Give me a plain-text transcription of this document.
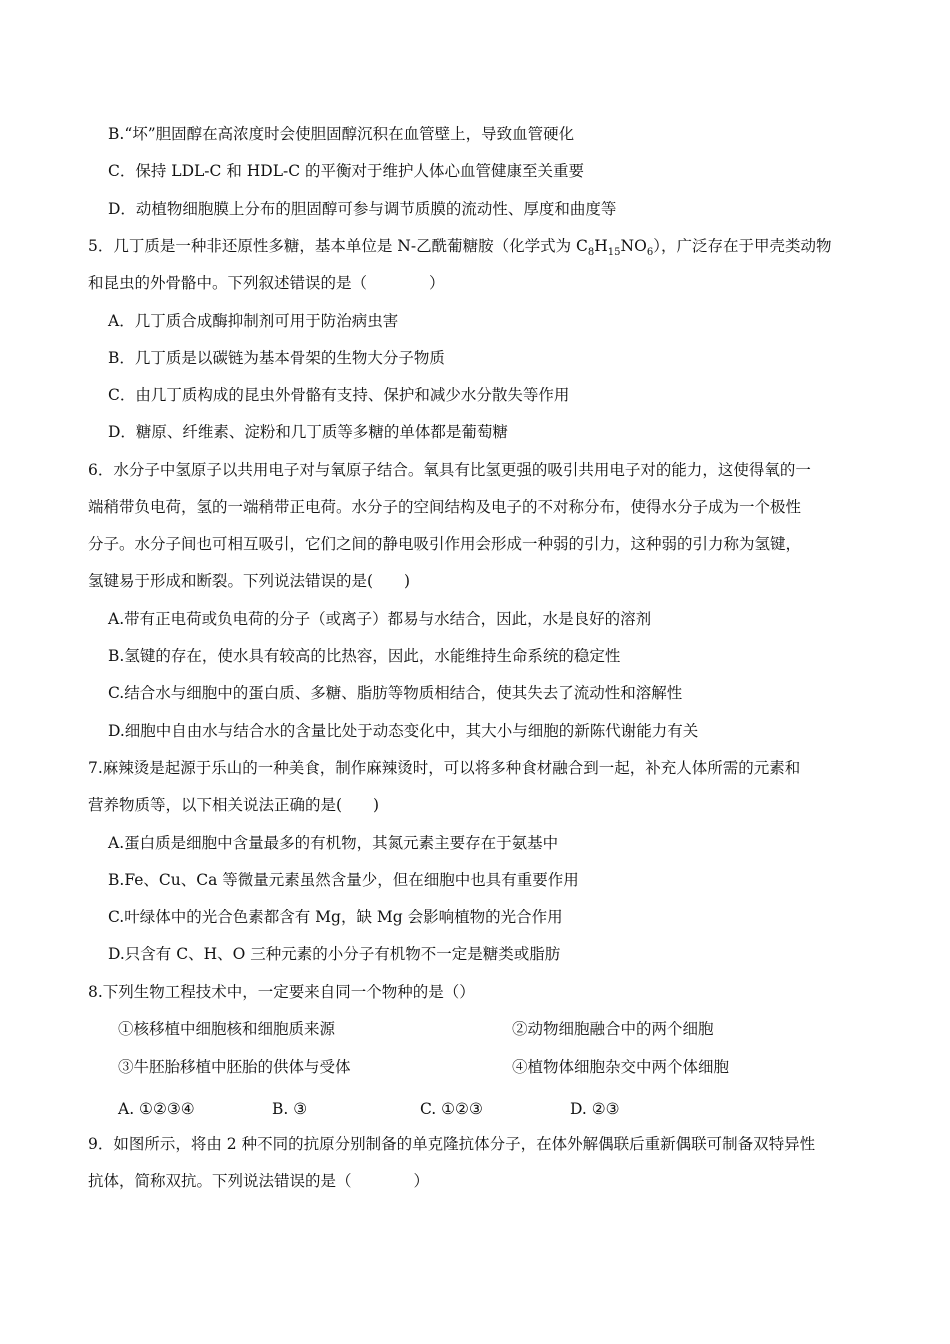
B.“坏”胆固醇在高浓度时会使胆固醇沉积在血管壁上，导致血管硬化
C．保持 LDL-C 和 HDL-C 的平衡对于维护人体心血管健康至关重要
D．动植物细胞膜上分布的胆固醇可参与调节质膜的流动性、厚度和曲度等
5．几丁质是一种非还原性多糖，基本单位是 N-乙酰葡糖胺（化学式为 $C_8H_{15}NO_6$），广泛存在于甲壳类动物
和昆虫的外骨骼中。下列叙述错误的是（　　　　）
A．几丁质合成酶抑制剂可用于防治病虫害
B．几丁质是以碳链为基本骨架的生物大分子物质
C．由几丁质构成的昆虫外骨骼有支持、保护和减少水分散失等作用
D．糖原、纤维素、淀粉和几丁质等多糖的单体都是葡萄糖
6．水分子中氢原子以共用电子对与氧原子结合。氧具有比氢更强的吸引共用电子对的能力，这使得氧的一
端稍带负电荷，氢的一端稍带正电荷。水分子的空间结构及电子的不对称分布，使得水分子成为一个极性
分子。水分子间也可相互吸引，它们之间的静电吸引作用会形成一种弱的引力，这种弱的引力称为氢键，
氢键易于形成和断裂。下列说法错误的是(　　)
A.带有正电荷或负电荷的分子（或离子）都易与水结合，因此，水是良好的溶剂
B.氢键的存在，使水具有较高的比热容，因此，水能维持生命系统的稳定性
C.结合水与细胞中的蛋白质、多糖、脂肪等物质相结合，使其失去了流动性和溶解性
D.细胞中自由水与结合水的含量比处于动态变化中，其大小与细胞的新陈代谢能力有关
7.麻辣烫是起源于乐山的一种美食，制作麻辣烫时，可以将多种食材融合到一起，补充人体所需的元素和
营养物质等，以下相关说法正确的是(　　)
A.蛋白质是细胞中含量最多的有机物，其氮元素主要存在于氨基中
B.Fe、Cu、Ca 等微量元素虽然含量少，但在细胞中也具有重要作用
C.叶绿体中的光合色素都含有 Mg，缺 Mg 会影响植物的光合作用
D.只含有 C、H、O 三种元素的小分子有机物不一定是糖类或脂肪
8.下列生物工程技术中，一定要来自同一个物种的是（）
①核移植中细胞核和细胞质来源	②动物细胞融合中的两个细胞
③牛胚胎移植中胚胎的供体与受体	④植物体细胞杂交中两个体细胞
A. ①②③④	B. ③	C. ①②③	D. ②③
9．如图所示，将由 2 种不同的抗原分别制备的单克隆抗体分子，在体外解偶联后重新偶联可制备双特异性
抗体，简称双抗。下列说法错误的是（　　　　）
